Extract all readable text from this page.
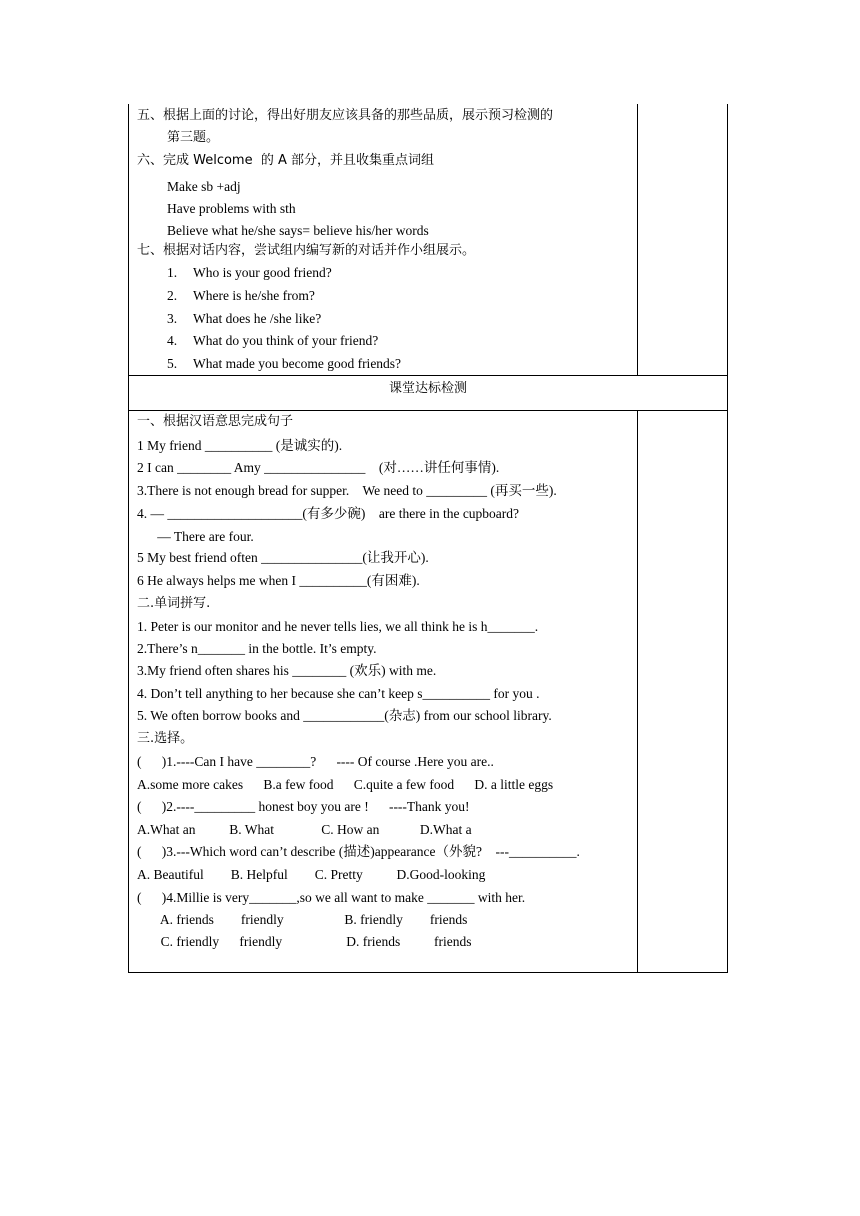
五、根据上面的讨论，得出好朋友应该具备的那些品质，展示预习检测的
第三题。
六、完成 Welcome  的 A 部分，并且收集重点词组
Make sb +adj
Have problems with sth
Believe what he/she says= believe his/her words
七、根据对话内容，尝试组内编写新的对话并作小组展示。
1. Who is your good friend?
2. Where is he/she from?
3. What does he /she like?
4. What do you think of your friend?
5. What made you become good friends?
课堂达标检测
一、根据汉语意思完成句子
1 My friend __________ (是诚实的).
2 I can ________ Amy _______________    (对……讲任何事情).
3.There is not enough bread for supper.    We need to _________ (再买一些).
4. — ____________________(有多少碗)    are there in the cupboard?
— There are four.
5 My best friend often _______________(让我开心).
6 He always helps me when I __________(有困难).
二.单词拼写.
1. Peter is our monitor and he never tells lies, we all think he is h_______.
2.There’s n_______ in the bottle. It’s empty.
3.My friend often shares his ________ (欢乐) with me.
4. Don’t tell anything to her because she can’t keep s__________ for you .
5. We often borrow books and ____________(杂志) from our school library.
三.选择。
(      )1.----Can I have ________?      ---- Of course .Here you are..
A.some more cakes      B.a few food      C.quite a few food      D. a little eggs
(      )2.----_________ honest boy you are !      ----Thank you!
A.What an          B. What              C. How an            D.What a
(      )3.---Which word can’t describe (描述)appearance（外貌?    ---__________.
A. Beautiful        B. Helpful        C. Pretty          D.Good-looking
(      )4.Millie is very_______,so we all want to make _______ with her.
A. friends        friendly                  B. friendly        friends
C. friendly      friendly                   D. friends          friends
